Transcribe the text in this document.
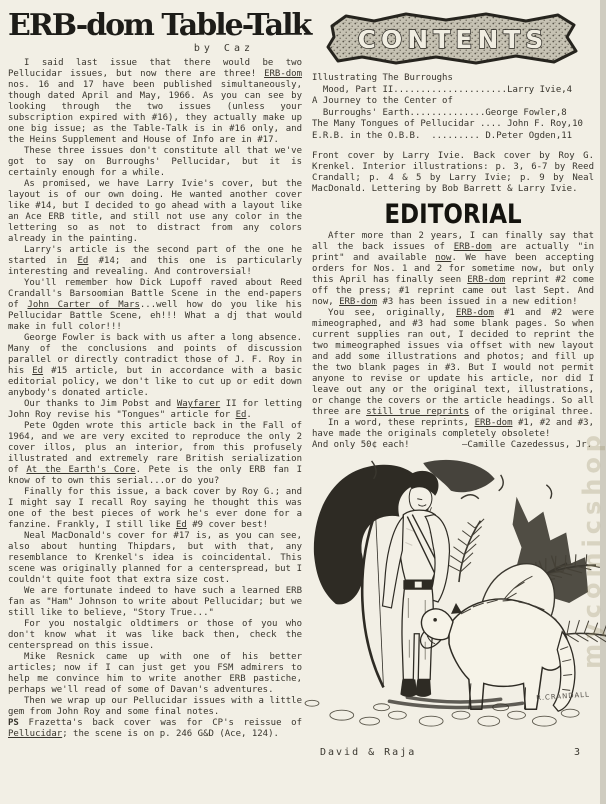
ERB-dom Table-Talk
by Caz

I said last issue that there would be two Pellucidar issues, but now there are three! ERB-dom nos. 16 and 17 have been published simultaneously, though dated April and May, 1966. As you can see by looking through the two issues (unless your subscription expired with #16), they actually make up one big issue; as the Table-Talk is in #16 only, and the Heins Supplement and House of Info are in #17.

These three issues don't constitute all that we've got to say on Burroughs' Pellucidar, but it is certainly enough for a while.

As promised, we have Larry Ivie's cover, but the layout is of our own doing. He wanted another cover like #14, but I decided to go ahead with a layout like an Ace ERB title, and still not use any color in the lettering so as not to distract from any colors already in the painting.

Larry's article is the second part of the one he started in Ed #14; and this one is particularly interesting and revealing. And controversial!

You'll remember how Dick Lupoff raved about Reed Crandall's Barsoomian Battle Scene in the end-papers of John Carter of Mars...well how do you like his Pellucidar Battle Scene, eh!!! What a dj that would make in full color!!!

George Fowler is back with us after a long absence. Many of the conclusions and points of discussion parallel or directly contradict those of J. F. Roy in his Ed #15 article, but in accordance with a basic editorial policy, we don't like to cut up or edit down anybody's donated article.

Our thanks to Jim Pobst and Wayfarer II for letting John Roy revise his "Tongues" article for Ed.

Pete Ogden wrote this article back in the Fall of 1964, and we are very excited to reproduce the only 2 cover illos, plus an interior, from this profusely illustrated and extremely rare British serialization of At the Earth's Core. Pete is the only ERB fan I know of to own this serial...or do you?

Finally for this issue, a back cover by Roy G.; and I might say I recall Roy saying he thought this was one of the best pieces of work he's ever done for a fanzine. Frankly, I still like Ed #9 cover best!

Neal MacDonald's cover for #17 is, as you can see, also about hunting Thipdars, but with that, any resemblance to Krenkel's idea is coincidental. This scene was originally planned for a centerspread, but I couldn't quite foot that extra size cost.

We are fortunate indeed to have such a learned ERB fan as "Ham" Johnson to write about Pellucidar; but we still like to believe, "Story True..."

For you nostalgic oldtimers or those of you who don't know what it was like back then, check the centerspread on this issue.

Mike Resnick came up with one of his better articles; now if I can just get you FSM admirers to help me convince him to write another ERB pastiche, perhaps we'll read of some of Davan's adventures.

Then we wrap up our Pellucidar issues with a little gem from John Roy and some final notes.

PS Frazetta's back cover was for CP's reissue of Pellucidar; the scene is on p. 246 G&D (Ace, 124).

CONTENTS
Illustrating The Burroughs
Mood, Part II.....................Larry Ivie,4
A Journey to the Center of
Burroughs' Earth..............George Fowler,8
The Many Tongues of Pellucidar .... John F. Roy,10
E.R.B. in the O.B.B.  ......... D.Peter Ogden,11

Front cover by Larry Ivie. Back cover by Roy G. Krenkel. Interior illustrations: p. 3, 6-7 by Reed Crandall; p. 4 & 5 by Larry Ivie; p. 9 by Neal MacDonald. Lettering by Bob Barrett & Larry Ivie.

EDITORIAL

After more than 2 years, I can finally say that all the back issues of ERB-dom are actually "in print" and available now. We have been accepting orders for Nos. 1 and 2 for sometime now, but only this April has finally seen ERB-dom reprint #2 come off the press; #1 reprint came out last Sept. And now, ERB-dom #3 has been issued in a new edition!

You see, originally, ERB-dom #1 and #2 were mimeographed, and #3 had some blank pages. So when current supplies ran out, I decided to reprint the two mimeographed issues via offset with new layout and add some illustrations and photos; and fill up the two blank pages in #3. But I would not permit anyone to revise or update his article, nor did I leave out any or the original text, illustrations, or change the covers or the article headings. So all three are still true reprints of the original three.

In a word, these reprints, ERB-dom #1, #2 and #3, have made the originals completely obsolete!

And only 50¢ each!	—Camille Cazedessus, Jr.
R.CRANDALL
David & Raja	3
mycomicshop
